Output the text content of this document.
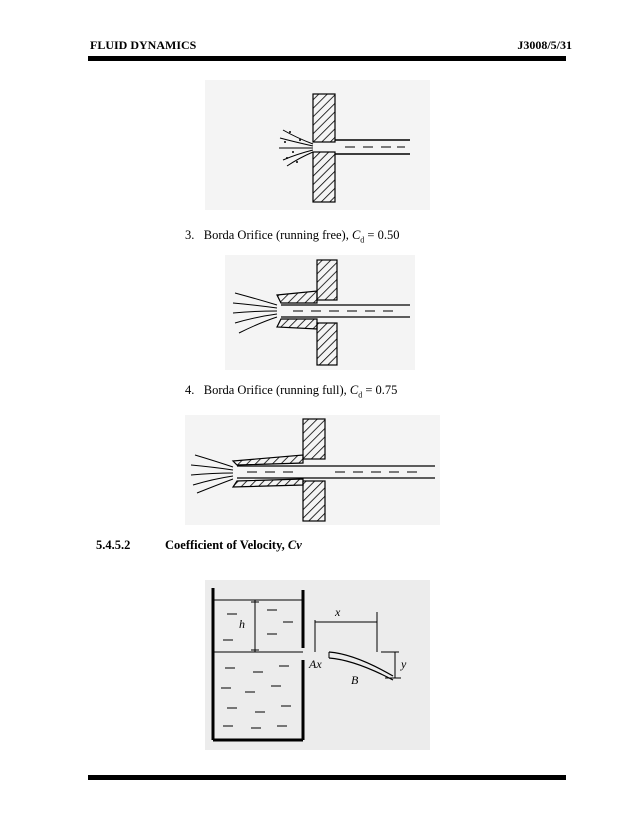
FLUID DYNAMICS	J3008/5/31
3. Borda Orifice (running free), $C_d = 0.50$
4. Borda Orifice (running full), $C_d = 0.75$
5.4.5.2	Coefficient of Velocity, Cv
h
x
y
Ax
B
